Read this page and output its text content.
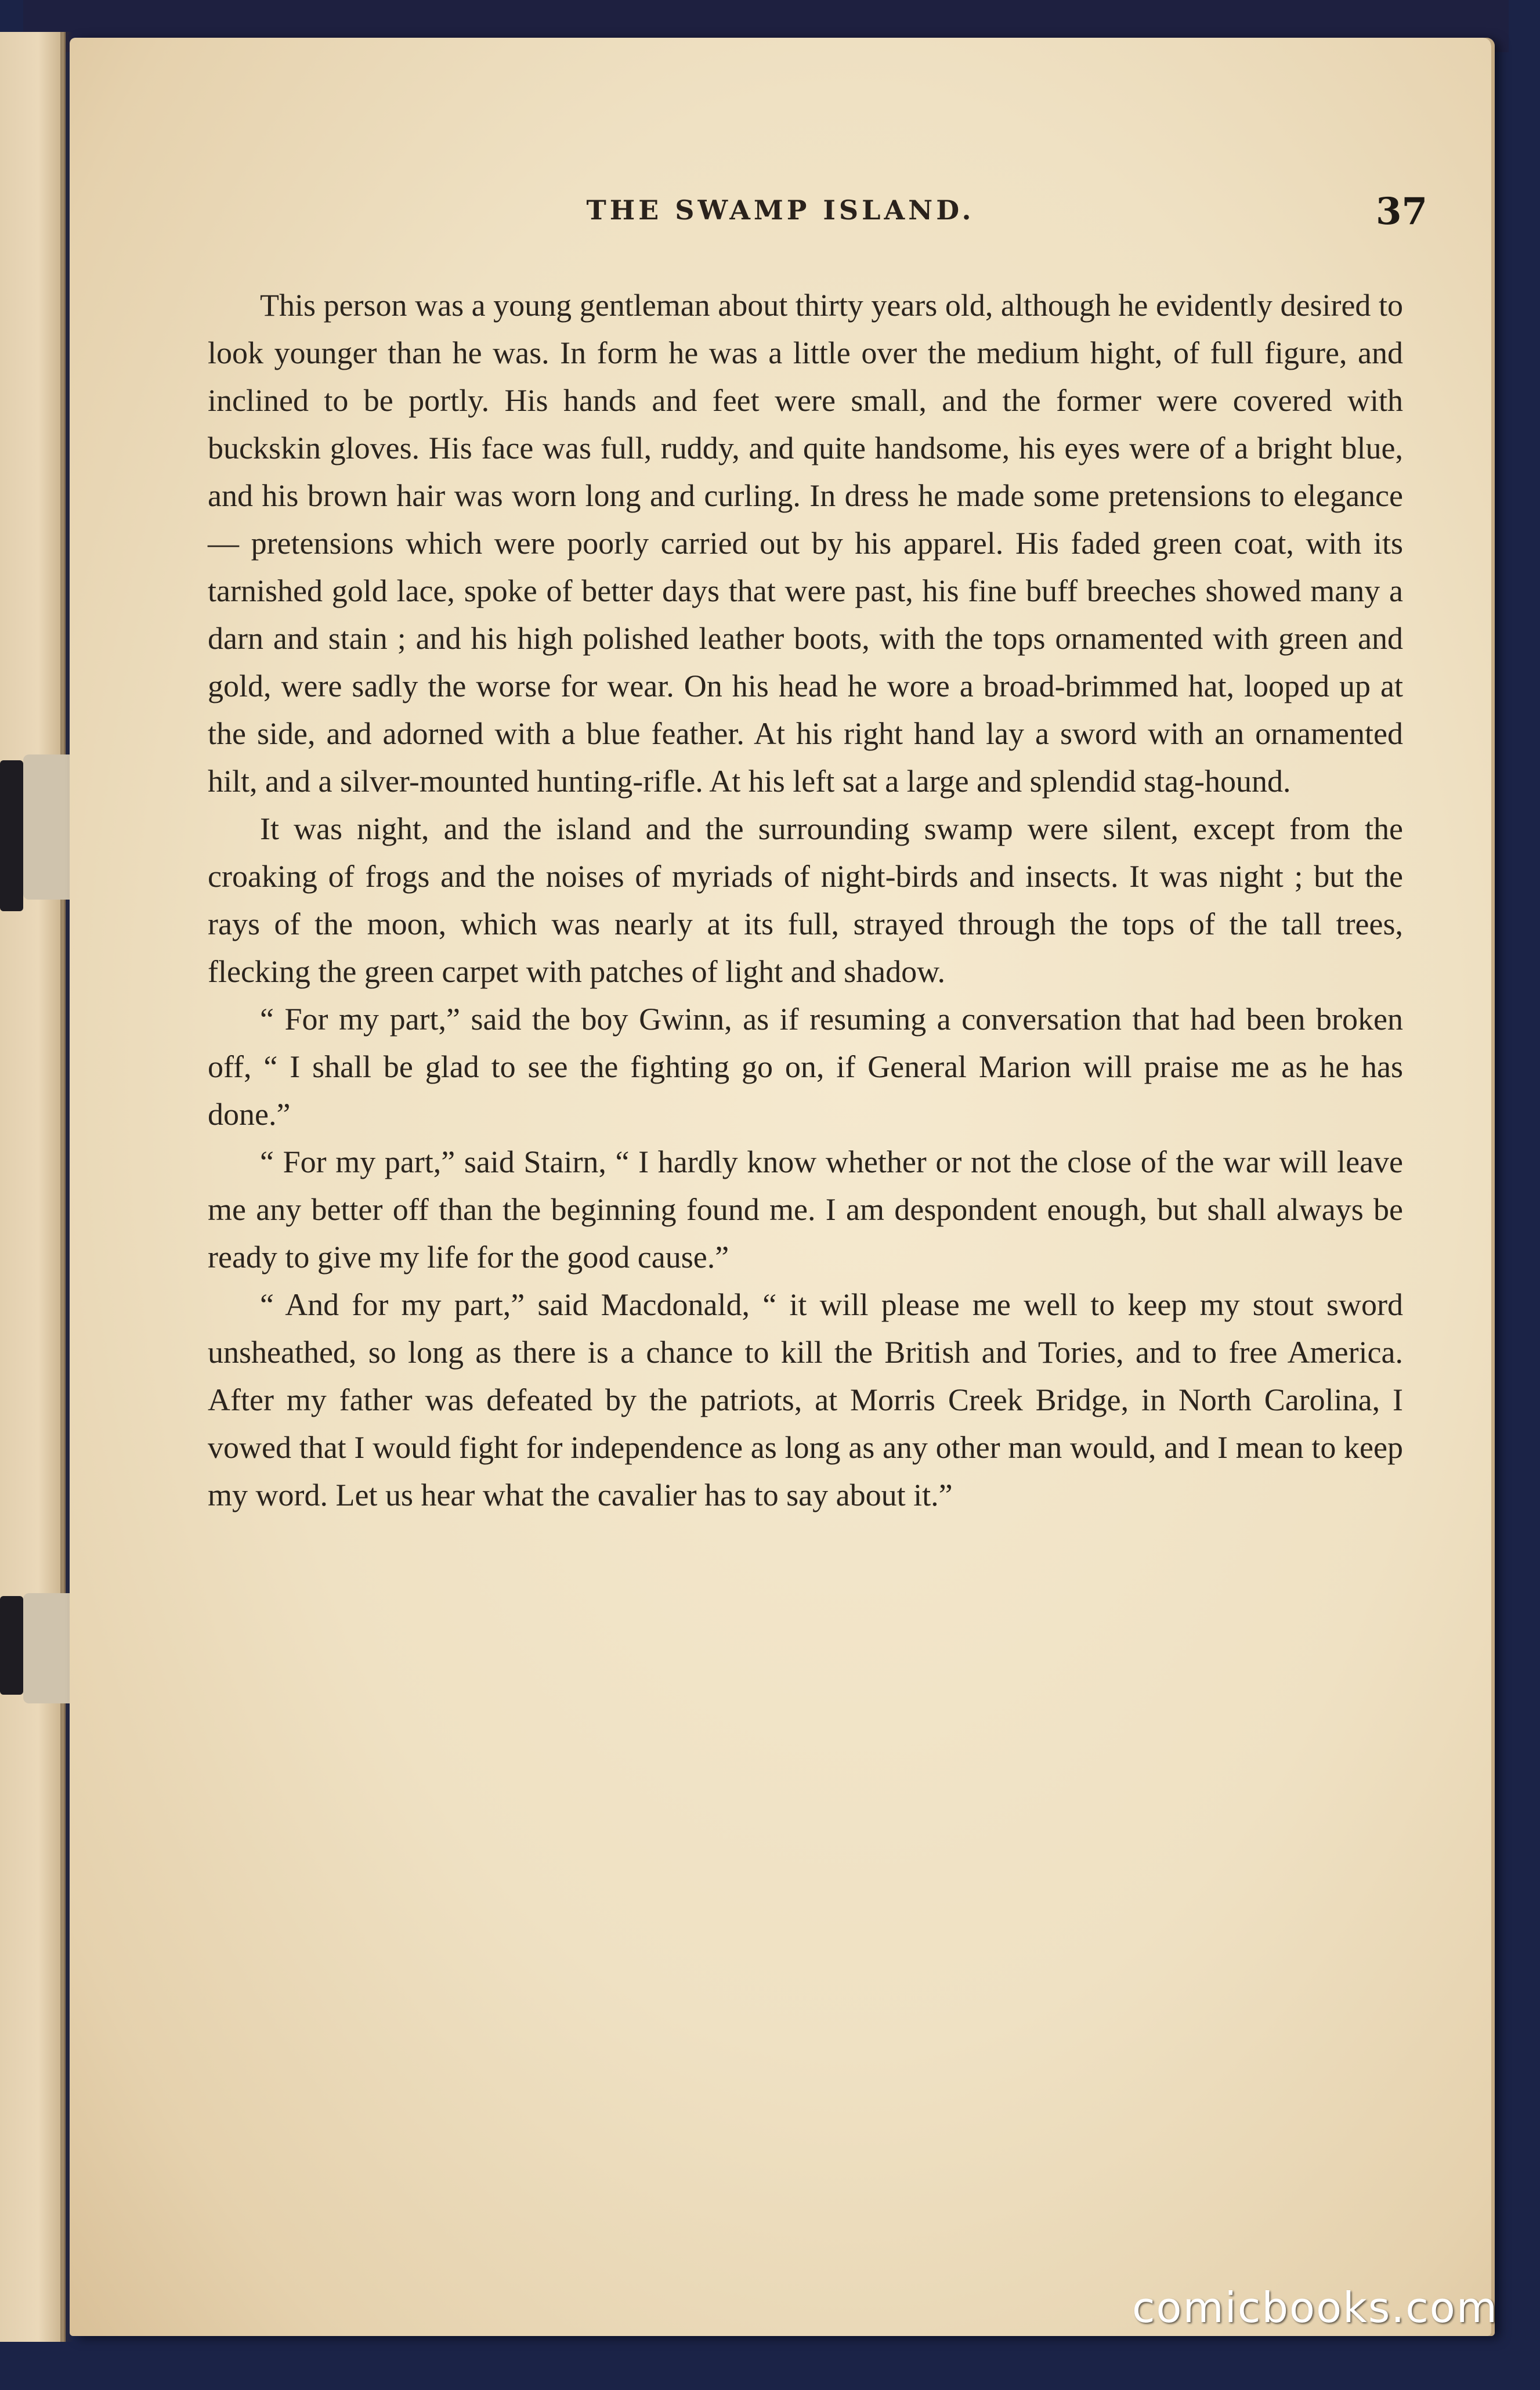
THE SWAMP ISLAND.	37

This person was a young gentleman about thirty years old, although he evidently desired to look younger than he was. In form he was a little over the medium hight, of full figure, and inclined to be portly. His hands and feet were small, and the former were covered with buckskin gloves. His face was full, ruddy, and quite handsome, his eyes were of a bright blue, and his brown hair was worn long and curling. In dress he made some pretensions to elegance — pretensions which were poorly carried out by his apparel. His faded green coat, with its tarnished gold lace, spoke of better days that were past, his fine buff breeches showed many a darn and stain ; and his high polished leather boots, with the tops ornamented with green and gold, were sadly the worse for wear. On his head he wore a broad-brimmed hat, looped up at the side, and adorned with a blue feather. At his right hand lay a sword with an ornamented hilt, and a silver-mounted hunting-rifle. At his left sat a large and splendid stag-hound.

It was night, and the island and the surrounding swamp were silent, except from the croaking of frogs and the noises of myriads of night-birds and insects. It was night ; but the rays of the moon, which was nearly at its full, strayed through the tops of the tall trees, flecking the green carpet with patches of light and shadow.

“ For my part,” said the boy Gwinn, as if resuming a conversation that had been broken off, “ I shall be glad to see the fighting go on, if General Marion will praise me as he has done.”

“ For my part,” said Stairn, “ I hardly know whether or not the close of the war will leave me any better off than the beginning found me. I am despondent enough, but shall always be ready to give my life for the good cause.”

“ And for my part,” said Macdonald, “ it will please me well to keep my stout sword unsheathed, so long as there is a chance to kill the British and Tories, and to free America. After my father was defeated by the patriots, at Morris Creek Bridge, in North Carolina, I vowed that I would fight for independence as long as any other man would, and I mean to keep my word. Let us hear what the cavalier has to say about it.”

comicbooks.com
